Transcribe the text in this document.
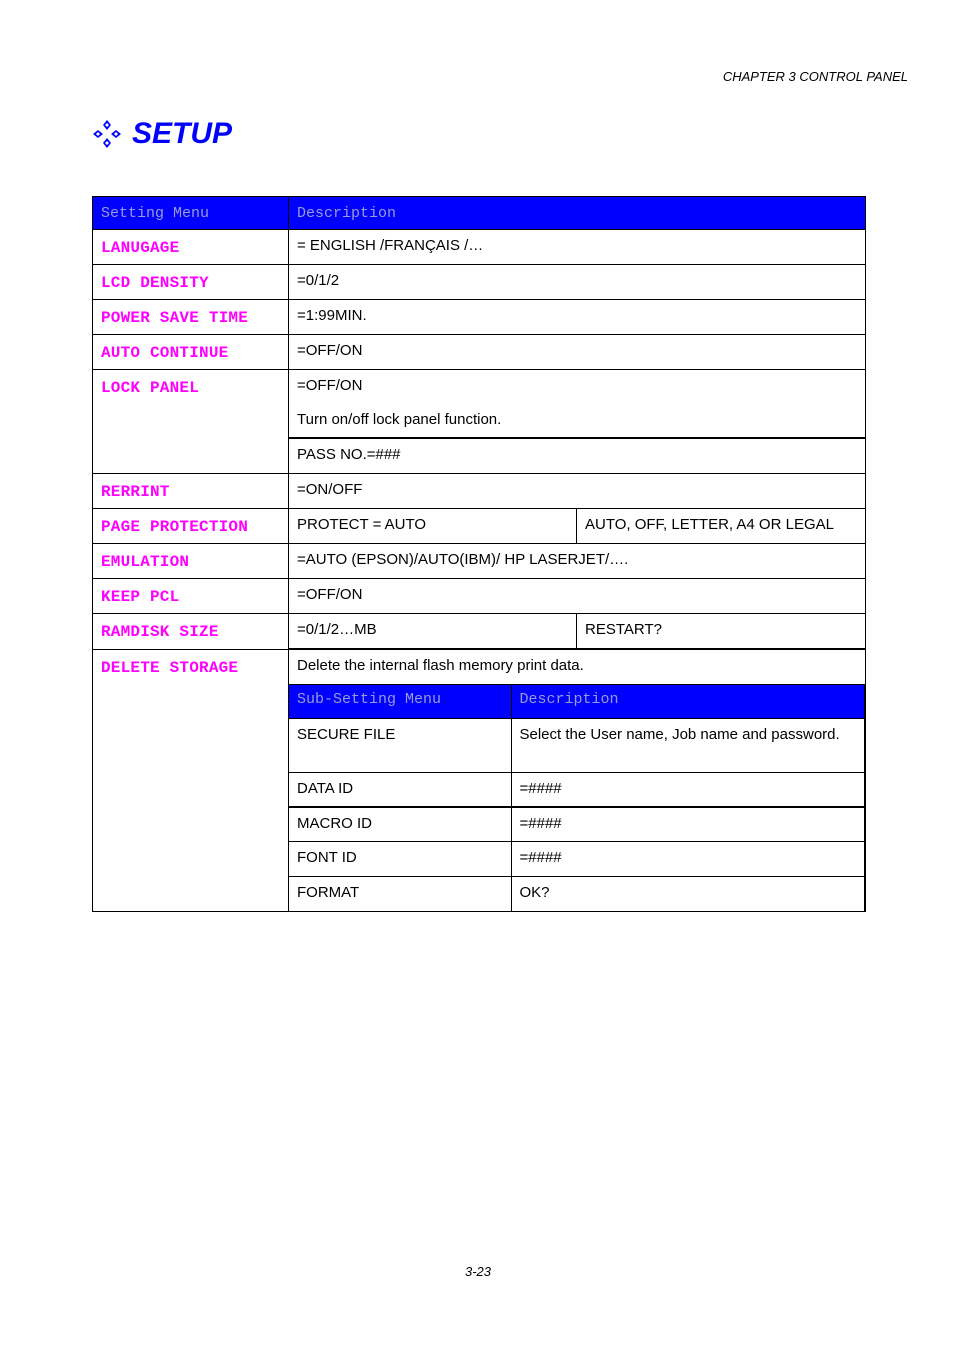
CHAPTER 3 CONTROL PANEL
SETUP
Setting Menu	Description

LANUGAGE	= ENGLISH /FRANÇAIS /…

LCD DENSITY	=0/1/2

POWER SAVE TIME	=1:99MIN.

AUTO CONTINUE	=OFF/ON

LOCK PANEL	=OFF/ON
Turn on/off lock panel function.

PASS NO.=###

RERRINT	=ON/OFF

PAGE PROTECTION	PROTECT = AUTO	AUTO, OFF, LETTER, A4 OR LEGAL

EMULATION	=AUTO (EPSON)/AUTO(IBM)/ HP LASERJET/….

KEEP PCL	=OFF/ON

RAMDISK SIZE	=0/1/2…MB	RESTART?

DELETE STORAGE	Delete the internal flash memory print data.
Sub-Setting Menu	Description

SECURE FILE	Select the User name, Job name and password.

DATA ID	=####

MACRO ID	=####

FONT ID	=####

FORMAT	OK?
3-23
